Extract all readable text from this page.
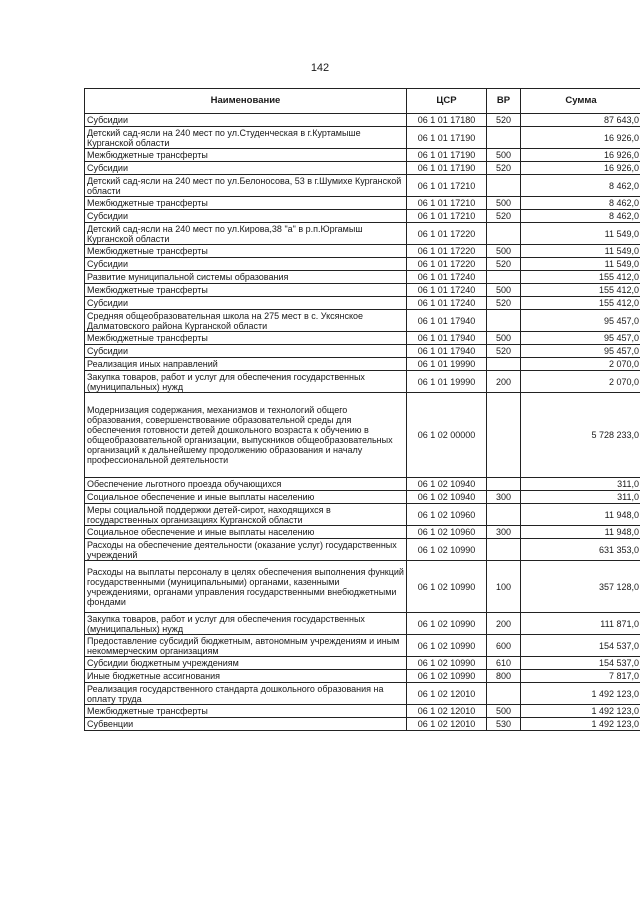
142
Наименование	ЦСР	ВР	Сумма
Субсидии	06 1 01 17180	520	87 643,0
Детский сад-ясли на 240 мест по ул.Студенческая в г.Куртамыше Курганской области	06 1 01 17190		16 926,0
Межбюджетные трансферты	06 1 01 17190	500	16 926,0
Субсидии	06 1 01 17190	520	16 926,0
Детский сад-ясли на 240 мест по ул.Белоносова, 53 в г.Шумихе Курганской области	06 1 01 17210		8 462,0
Межбюджетные трансферты	06 1 01 17210	500	8 462,0
Субсидии	06 1 01 17210	520	8 462,0
Детский сад-ясли на 240 мест по ул.Кирова,38 "а" в р.п.Юргамыш Курганской области	06 1 01 17220		11 549,0
Межбюджетные трансферты	06 1 01 17220	500	11 549,0
Субсидии	06 1 01 17220	520	11 549,0
Развитие муниципальной системы образования	06 1 01 17240		155 412,0
Межбюджетные трансферты	06 1 01 17240	500	155 412,0
Субсидии	06 1 01 17240	520	155 412,0
Средняя общеобразовательная школа на 275 мест в с. Уксянское Далматовского района Курганской области	06 1 01 17940		95 457,0
Межбюджетные трансферты	06 1 01 17940	500	95 457,0
Субсидии	06 1 01 17940	520	95 457,0
Реализация иных направлений	06 1 01 19990		2 070,0
Закупка товаров, работ и услуг для обеспечения государственных (муниципальных) нужд	06 1 01 19990	200	2 070,0
Модернизация содержания, механизмов и технологий общего образования, совершенствование образовательной среды для обеспечения готовности детей дошкольного возраста к обучению в общеобразовательной организации, выпускников общеобразовательных организаций к дальнейшему продолжению образования и началу профессиональной деятельности	06 1 02 00000		5 728 233,0
Обеспечение льготного проезда обучающихся	06 1 02 10940		311,0
Социальное обеспечение и иные выплаты населению	06 1 02 10940	300	311,0
Меры социальной поддержки детей-сирот, находящихся в государственных организациях Курганской области	06 1 02 10960		11 948,0
Социальное обеспечение и иные выплаты населению	06 1 02 10960	300	11 948,0
Расходы на обеспечение деятельности (оказание услуг) государственных учреждений	06 1 02 10990		631 353,0
Расходы на выплаты персоналу в целях обеспечения выполнения функций государственными (муниципальными) органами, казенными учреждениями, органами управления государственными внебюджетными фондами	06 1 02 10990	100	357 128,0
Закупка товаров, работ и услуг для обеспечения государственных (муниципальных) нужд	06 1 02 10990	200	111 871,0
Предоставление субсидий бюджетным, автономным учреждениям и иным некоммерческим организациям	06 1 02 10990	600	154 537,0
Субсидии бюджетным учреждениям	06 1 02 10990	610	154 537,0
Иные бюджетные ассигнования	06 1 02 10990	800	7 817,0
Реализация государственного стандарта дошкольного образования на оплату труда	06 1 02 12010		1 492 123,0
Межбюджетные трансферты	06 1 02 12010	500	1 492 123,0
Субвенции	06 1 02 12010	530	1 492 123,0
